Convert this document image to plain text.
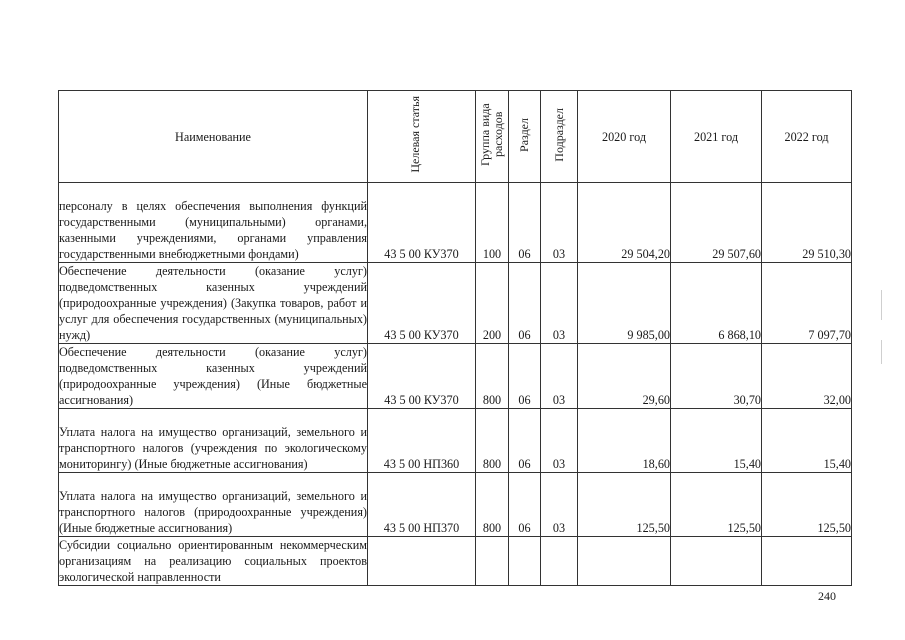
Наименование	Целевая статья	Группа вида расходов	Раздел	Подраздел	2020 год	2021 год	2022 год
персоналу в целях обеспечения выполнения функций государственными (муниципальными) органами, казенными учреждениями, органами управления государственными внебюджетными фондами)	43 5 00 КУ370	100	06	03	29 504,20	29 507,60	29 510,30
Обеспечение деятельности (оказание услуг) подведомственных казенных учреждений (природоохранные учреждения) (Закупка товаров, работ и услуг для обеспечения государственных (муниципальных) нужд)	43 5 00 КУ370	200	06	03	9 985,00	6 868,10	7 097,70
Обеспечение деятельности (оказание услуг) подведомственных казенных учреждений (природоохранные учреждения) (Иные бюджетные ассигнования)	43 5 00 КУ370	800	06	03	29,60	30,70	32,00
Уплата налога на имущество организаций, земельного и транспортного налогов (учреждения по экологическому мониторингу) (Иные бюджетные ассигнования)	43 5 00 НП360	800	06	03	18,60	15,40	15,40
Уплата налога на имущество организаций, земельного и транспортного налогов (природоохранные учреждения) (Иные бюджетные ассигнования)	43 5 00 НП370	800	06	03	125,50	125,50	125,50
Субсидии социально ориентированным некоммерческим организациям на реализацию социальных проектов экологической направленности							
240
